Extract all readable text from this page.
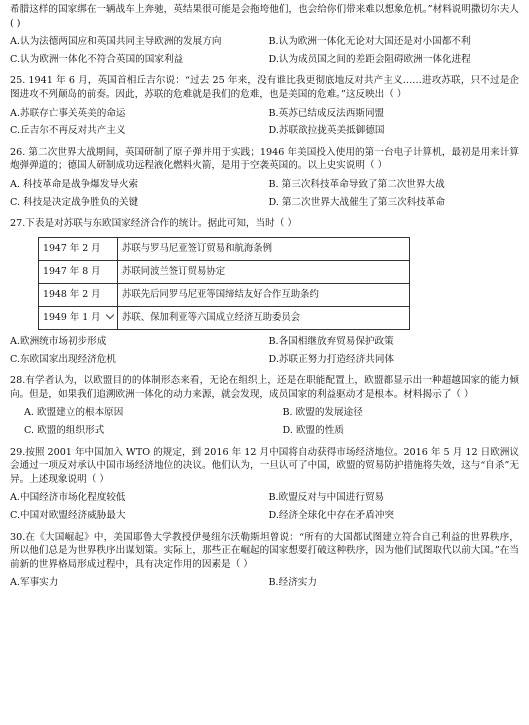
希腊这样的国家绑在一辆战车上奔驰，英结果很可能是会拖垮他们，也会给你们带来难以想象危机。”材料说明撒切尔夫人( )

A.认为法德两国应和英国共同主导欧洲的发展方向	B.认为欧洲一体化无论对大国还是对小国都不利
C.认为欧洲一体化不符合英国的国家利益	D.认为成员国之间的差距会阻碍欧洲一体化进程

25. 1941 年 6 月，英国首相丘吉尔说：“过去 25 年来，没有谁比我更彻底地反对共产主义……进攻苏联，只不过是企图进攻不列颠岛的前奏。因此，苏联的危难就是我们的危难，也是美国的危难。”这反映出（ ）

A.苏联存亡事关英美的命运	B.英苏已结成反法西斯同盟
C.丘吉尔不再反对共产主义	D.苏联欲拉拢英美抵御德国

26. 第二次世界大战期间，英国研制了原子弹并用于实践；1946 年美国投入使用的第一台电子计算机，最初是用来计算炮弹弹道的；德国人研制成功远程液化燃料火箭，是用于空袭英国的。以上史实说明（ ）

A. 科技革命是战争爆发导火索	B. 第三次科技革命导致了第二次世界大战
C. 科技是决定战争胜负的关键	D. 第二次世界大战催生了第三次科技革命

27.下表是对苏联与东欧国家经济合作的统计。据此可知，当时（ ）

1947 年 2 月	苏联与罗马尼亚签订贸易和航海条例
1947 年 8 月	苏联同波兰签订贸易协定
1948 年 2 月	苏联先后同罗马尼亚等国缔结友好合作互助条约
1949 年 1 月	苏联、保加利亚等六国成立经济互助委员会
A.欧洲统市场初步形成	B.各国相继放弃贸易保护政策
C.东欧国家出现经济危机	D.苏联正努力打造经济共同体

28.有学者认为，以欧盟目的的体制形态来看，无论在组织上，还是在职能配置上，欧盟都显示出一种超越国家的能力倾向。但是，如果我们追溯欧洲一体化的动力来源，就会发现，成员国家的利益驱动才是根本。材料揭示了（ ）

A. 欧盟建立的根本原因	B. 欧盟的发展途径
C. 欧盟的组织形式	D. 欧盟的性质

29.按照 2001 年中国加入 WTO 的规定，到 2016 年 12 月中国将自动获得市场经济地位。2016 年 5 月 12 日欧洲议会通过一项反对承认中国市场经济地位的决议。他们认为，一旦认可了中国，欧盟的贸易防护措施将失效，这与“自杀”无异。上述现象说明（ ）

A.中国经济市场化程度较低	B.欧盟反对与中国进行贸易
C.中国对欧盟经济威胁最大	D.经济全球化中存在矛盾冲突

30.在《大国崛起》中，美国耶鲁大学教授伊曼纽尔沃勒斯坦曾说：“所有的大国都试图建立符合自己利益的世界秩序，所以他们总是为世界秩序出谋划策。实际上，那些正在崛起的国家想要打破这种秩序，因为他们试图取代以前大国。”在当前新的世界格局形成过程中，具有决定作用的因素是（ ）

A.军事实力	B.经济实力
